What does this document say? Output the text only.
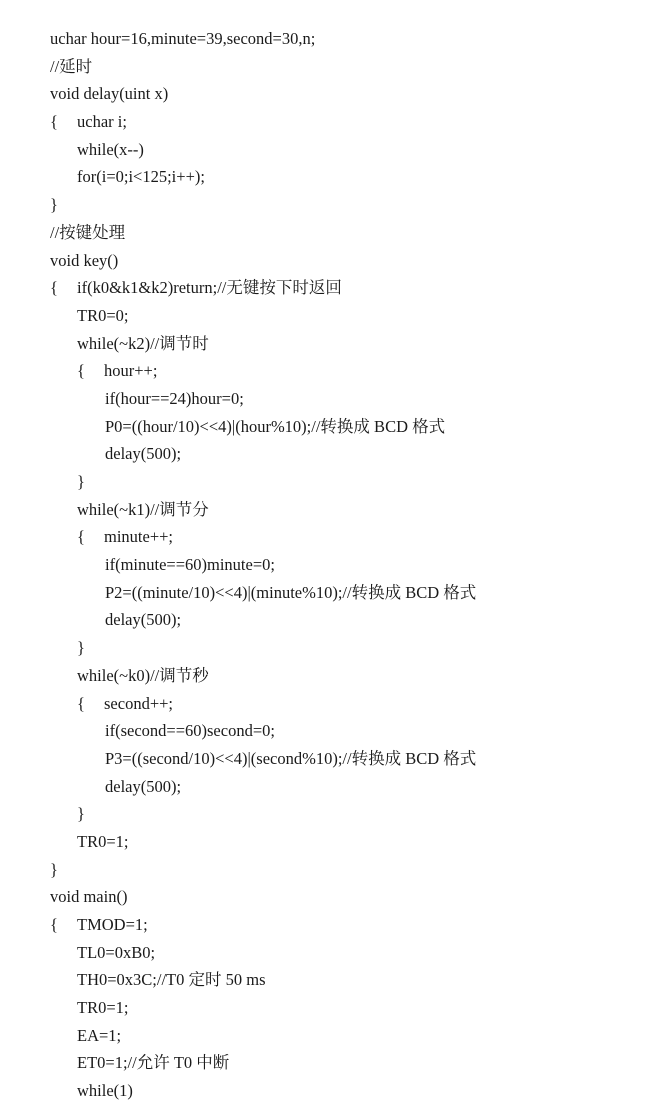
uchar hour=16,minute=39,second=30,n;
//延时
void delay(uint x)
{ uchar i;
while(x--)
for(i=0;i<125;i++);
}
//按键处理
void key()
{ if(k0&k1&k2)return;//无键按下时返回
TR0=0;
while(~k2)//调节时
{ hour++;
if(hour==24)hour=0;
P0=((hour/10)<<4)|(hour%10);//转换成 BCD 格式
delay(500);
}
while(~k1)//调节分
{ minute++;
if(minute==60)minute=0;
P2=((minute/10)<<4)|(minute%10);//转换成 BCD 格式
delay(500);
}
while(~k0)//调节秒
{ second++;
if(second==60)second=0;
P3=((second/10)<<4)|(second%10);//转换成 BCD 格式
delay(500);
}
TR0=1;
}
void main()
{ TMOD=1;
TL0=0xB0;
TH0=0x3C;//T0 定时 50 ms
TR0=1;
EA=1;
ET0=1;//允许 T0 中断
while(1)
